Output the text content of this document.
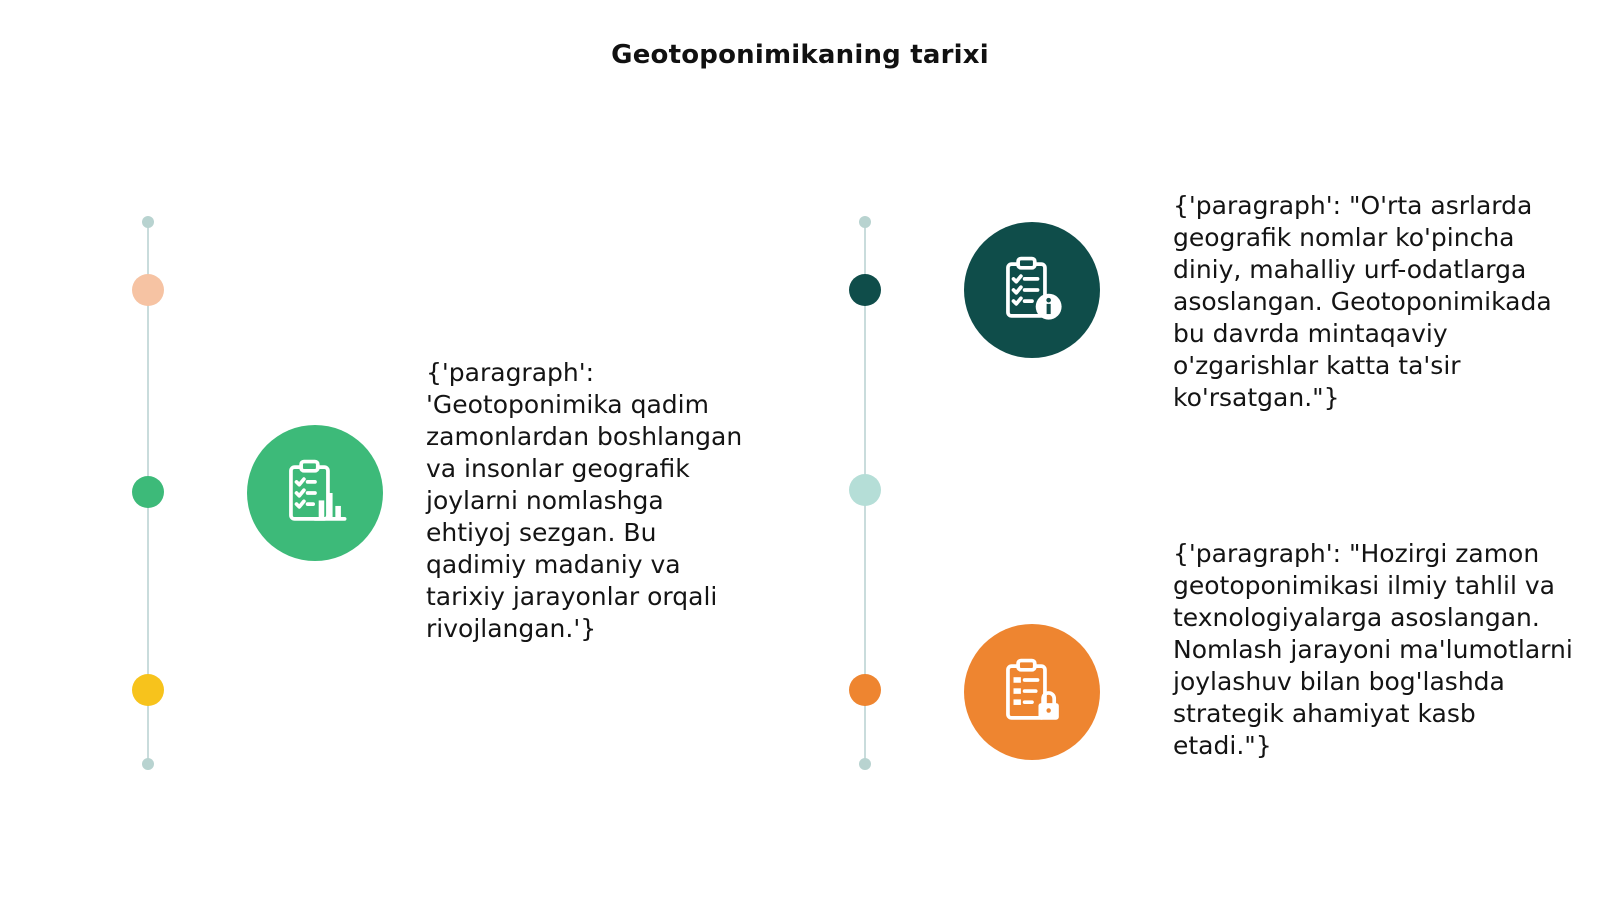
Geotoponimikaning tarixi
{'paragraph': 'Geotoponimika qadim zamonlardan boshlangan va insonlar geografik joylarni nomlashga ehtiyoj sezgan. Bu qadimiy madaniy va tarixiy jarayonlar orqali rivojlangan.'}
{'paragraph': "O'rta asrlarda geografik nomlar ko'pincha diniy, mahalliy urf-odatlarga asoslangan. Geotoponimikada bu davrda mintaqaviy o'zgarishlar katta ta'sir ko'rsatgan."}
{'paragraph': "Hozirgi zamon geotoponimikasi ilmiy tahlil va texnologiyalarga asoslangan. Nomlash jarayoni ma'lumotlarni joylashuv bilan bog'lashda strategik ahamiyat kasb etadi."}
